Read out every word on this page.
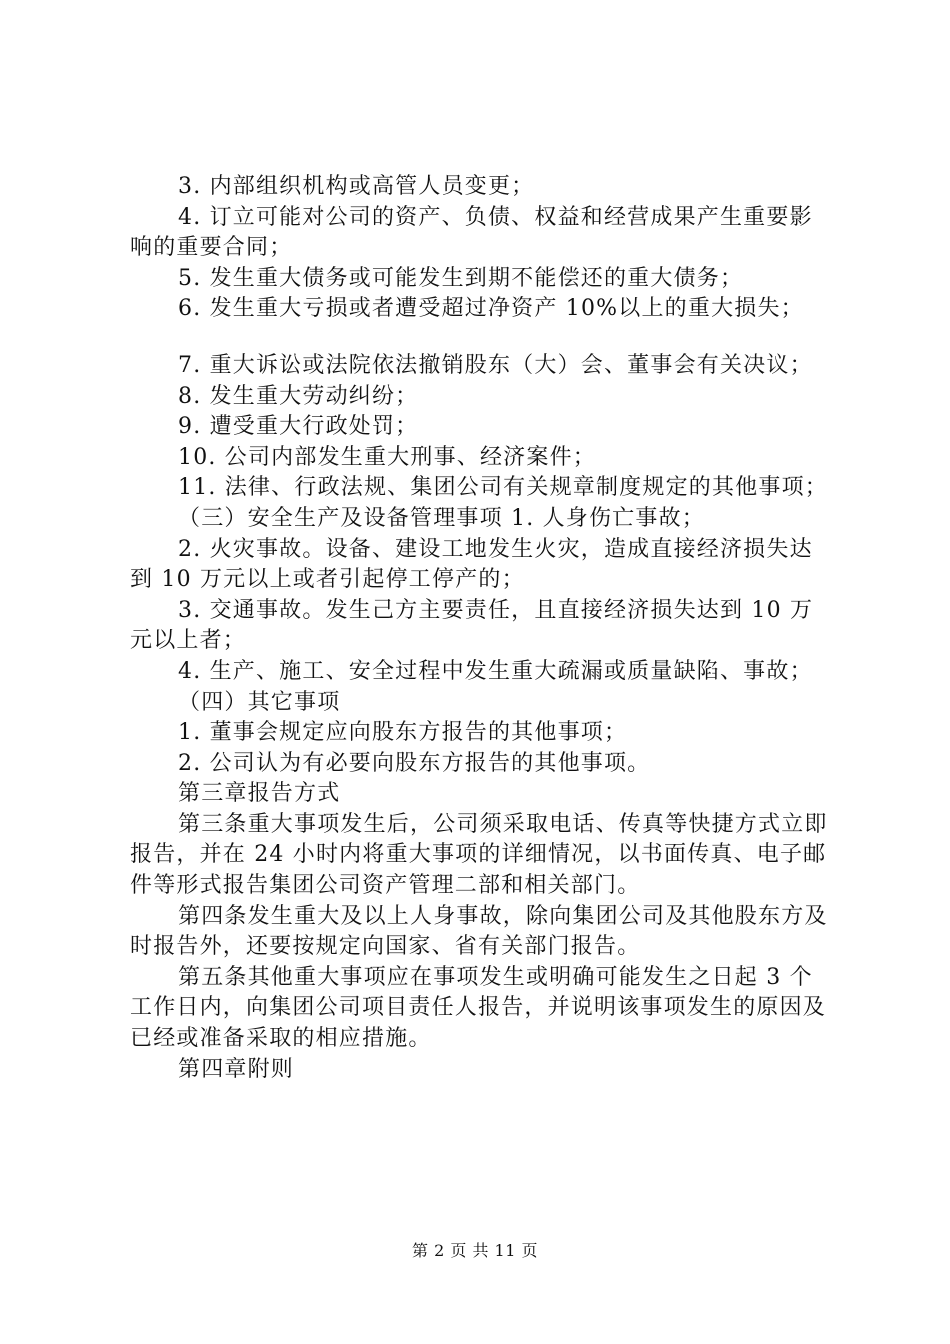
3. 内部组织机构或高管人员变更；

4. 订立可能对公司的资产、负债、权益和经营成果产生重要影响的重要合同；

5. 发生重大债务或可能发生到期不能偿还的重大债务；

6. 发生重大亏损或者遭受超过净资产 10%以上的重大损失；

7. 重大诉讼或法院依法撤销股东（大）会、董事会有关决议；

8. 发生重大劳动纠纷；

9. 遭受重大行政处罚；

10. 公司内部发生重大刑事、经济案件；

11. 法律、行政法规、集团公司有关规章制度规定的其他事项；

（三）安全生产及设备管理事项 1. 人身伤亡事故；

2. 火灾事故。设备、建设工地发生火灾，造成直接经济损失达到 10 万元以上或者引起停工停产的；

3. 交通事故。发生己方主要责任，且直接经济损失达到 10 万元以上者；

4. 生产、施工、安全过程中发生重大疏漏或质量缺陷、事故；

（四）其它事项

1. 董事会规定应向股东方报告的其他事项；

2. 公司认为有必要向股东方报告的其他事项。

第三章报告方式

第三条重大事项发生后，公司须采取电话、传真等快捷方式立即报告，并在 24 小时内将重大事项的详细情况，以书面传真、电子邮件等形式报告集团公司资产管理二部和相关部门。

第四条发生重大及以上人身事故，除向集团公司及其他股东方及时报告外，还要按规定向国家、省有关部门报告。

第五条其他重大事项应在事项发生或明确可能发生之日起 3 个工作日内，向集团公司项目责任人报告，并说明该事项发生的原因及已经或准备采取的相应措施。

第四章附则

第 2 页 共 11 页
